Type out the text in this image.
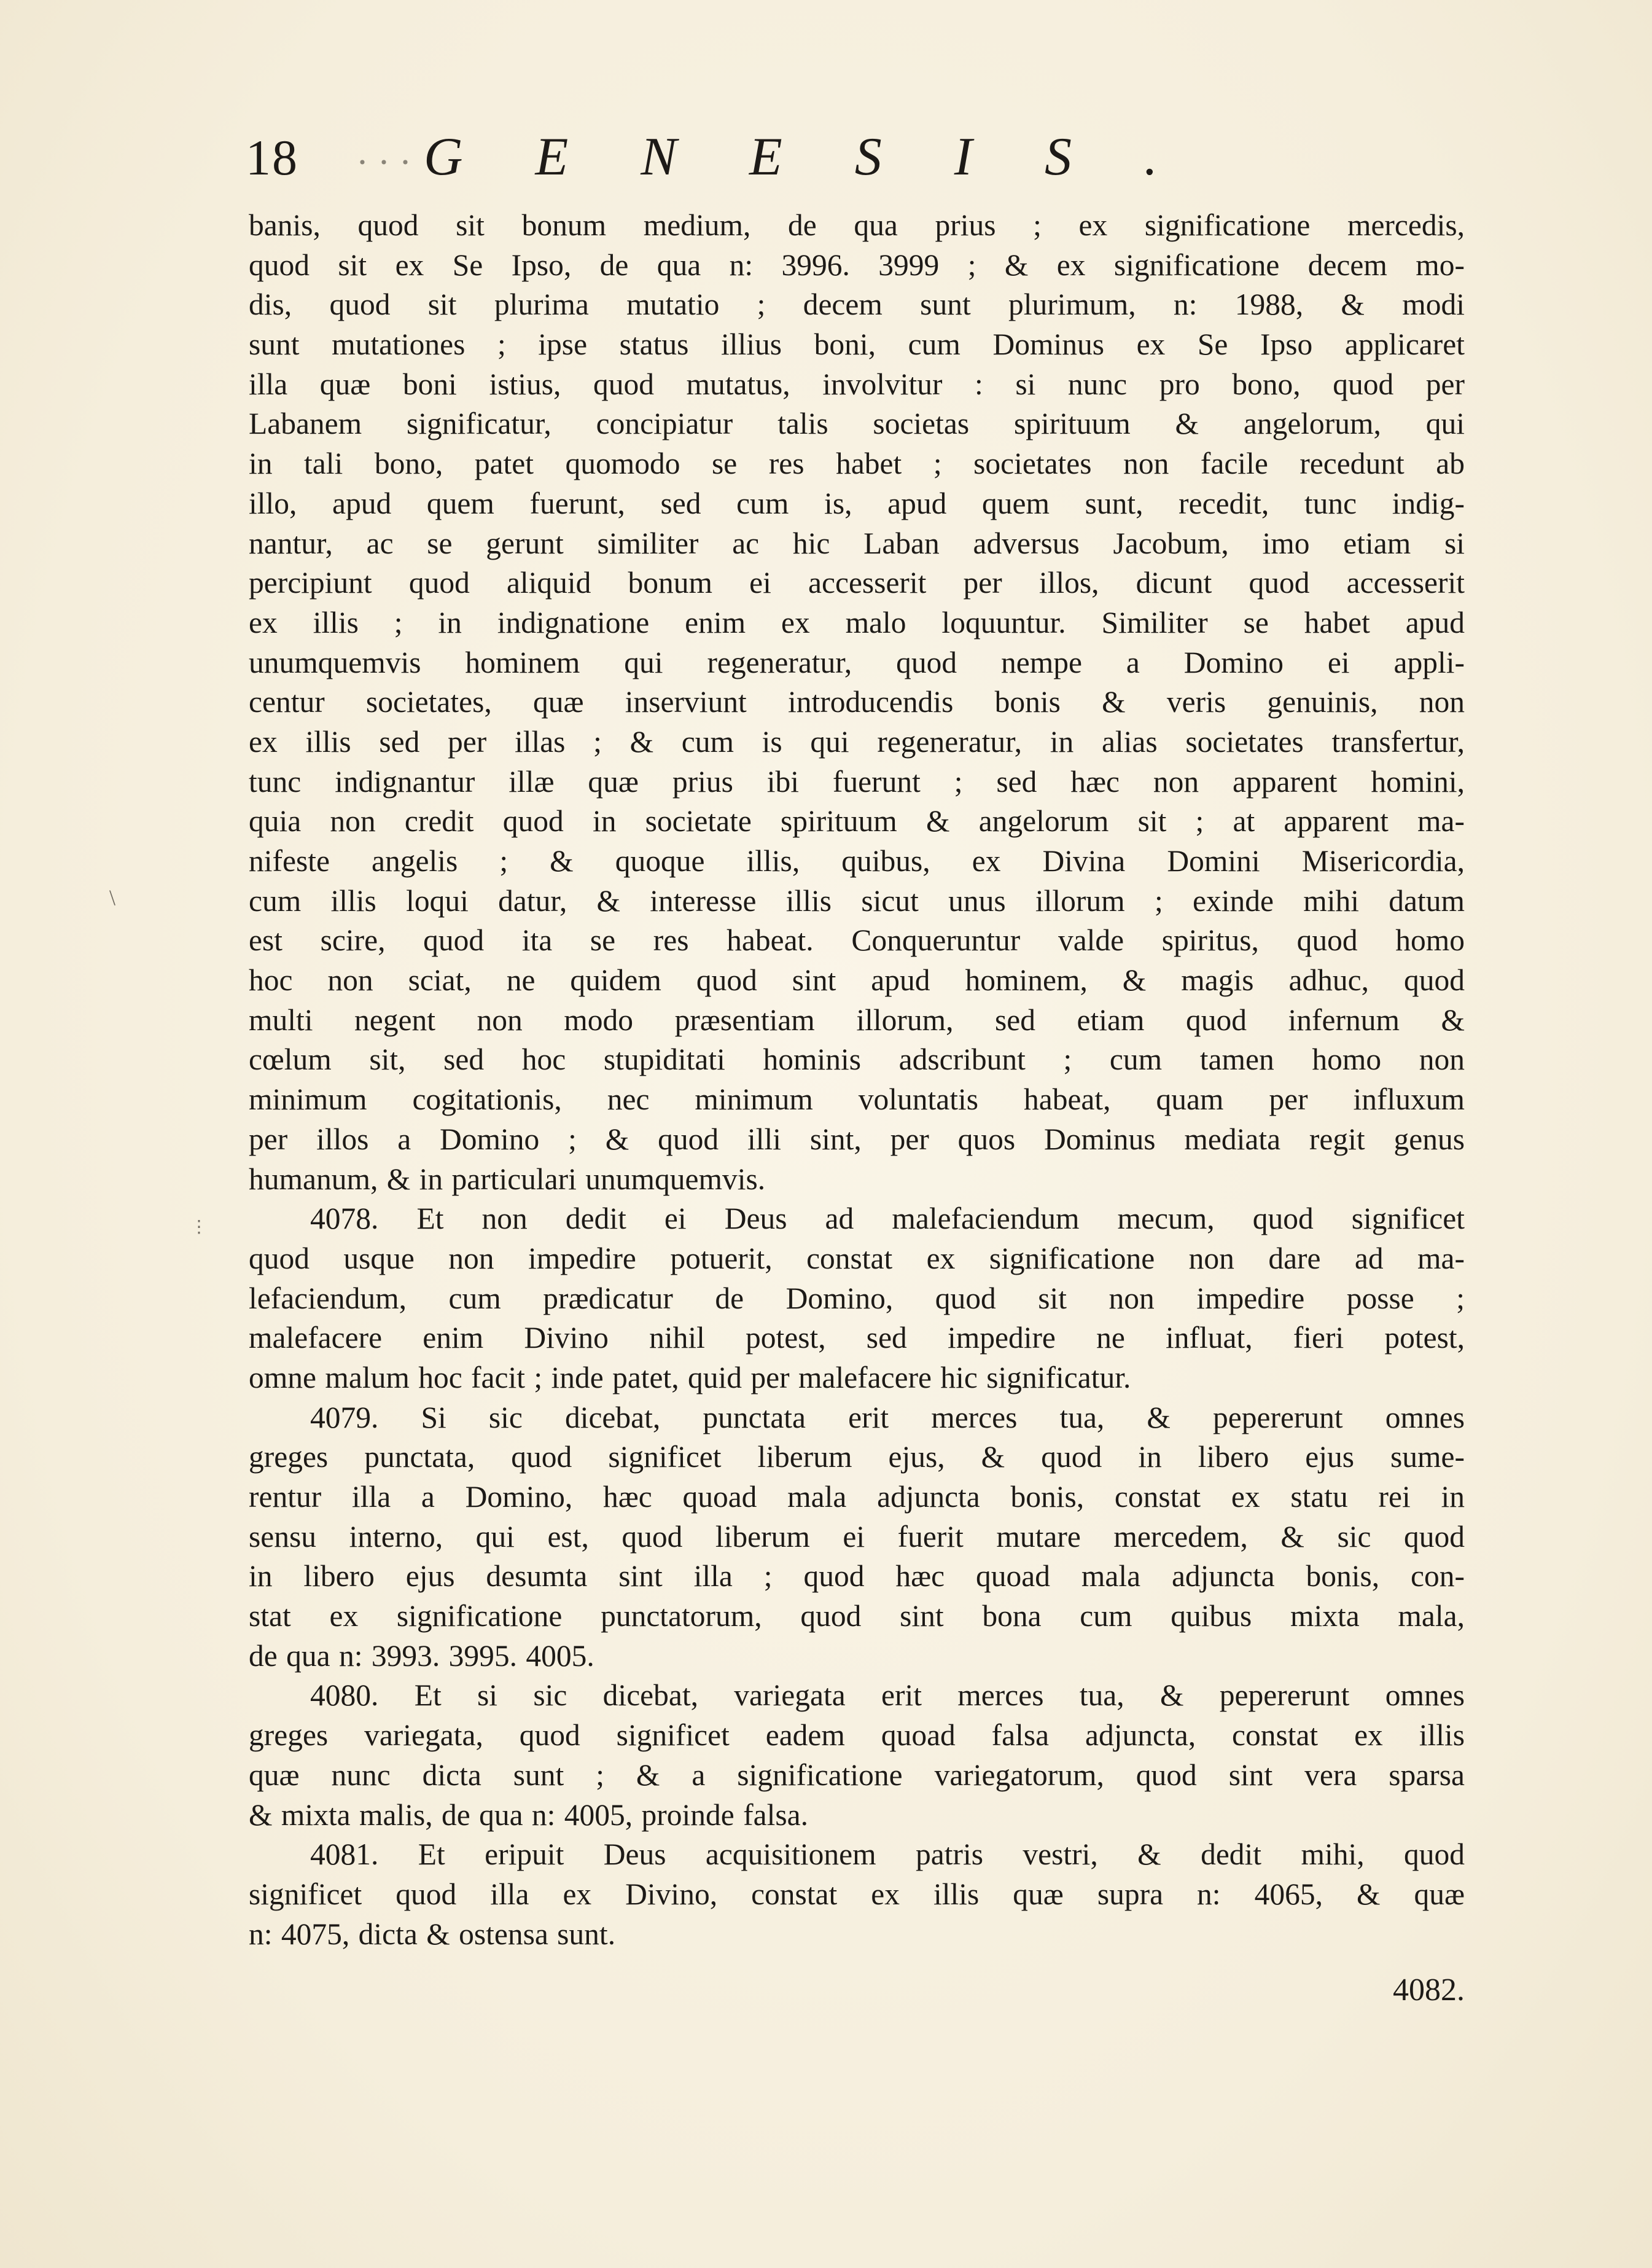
18	· · · GENESIS.
banis, quod sit bonum medium, de qua prius ; ex significatione mercedis,
quod sit ex Se Ipso, de qua n: 3996. 3999 ; & ex significatione decem mo-
dis, quod sit plurima mutatio ; decem sunt plurimum, n: 1988, & modi
sunt mutationes ; ipse status illius boni, cum Dominus ex Se Ipso applicaret
illa quæ boni istius, quod mutatus, involvitur : si nunc pro bono, quod per
Labanem significatur, concipiatur talis societas spirituum & angelorum, qui
in tali bono, patet quomodo se res habet ; societates non facile recedunt ab
illo, apud quem fuerunt, sed cum is, apud quem sunt, recedit, tunc indig-
nantur, ac se gerunt similiter ac hic Laban adversus Jacobum, imo etiam si
percipiunt quod aliquid bonum ei accesserit per illos, dicunt quod accesserit
ex illis ; in indignatione enim ex malo loquuntur. Similiter se habet apud
unumquemvis hominem qui regeneratur, quod nempe a Domino ei appli-
centur societates, quæ inserviunt introducendis bonis & veris genuinis, non
ex illis sed per illas ; & cum is qui regeneratur, in alias societates transfertur,
tunc indignantur illæ quæ prius ibi fuerunt ; sed hæc non apparent homini,
quia non credit quod in societate spirituum & angelorum sit ; at apparent ma-
nifeste angelis ; & quoque illis, quibus, ex Divina Domini Misericordia,
cum illis loqui datur, & interesse illis sicut unus illorum ; exinde mihi datum
est scire, quod ita se res habeat. Conqueruntur valde spiritus, quod homo
hoc non sciat, ne quidem quod sint apud hominem, & magis adhuc, quod
multi negent non modo præsentiam illorum, sed etiam quod infernum &
cœlum sit, sed hoc stupiditati hominis adscribunt ; cum tamen homo non
minimum cogitationis, nec minimum voluntatis habeat, quam per influxum
per illos a Domino ; & quod illi sint, per quos Dominus mediata regit genus
humanum, & in particulari unumquemvis.
4078. Et non dedit ei Deus ad malefaciendum mecum, quod significet
quod usque non impedire potuerit, constat ex significatione non dare ad ma-
lefaciendum, cum prædicatur de Domino, quod sit non impedire posse ;
malefacere enim Divino nihil potest, sed impedire ne influat, fieri potest,
omne malum hoc facit ; inde patet, quid per malefacere hic significatur.
4079. Si sic dicebat, punctata erit merces tua, & pepererunt omnes
greges punctata, quod significet liberum ejus, & quod in libero ejus sume-
rentur illa a Domino, hæc quoad mala adjuncta bonis, constat ex statu rei in
sensu interno, qui est, quod liberum ei fuerit mutare mercedem, & sic quod
in libero ejus desumta sint illa ; quod hæc quoad mala adjuncta bonis, con-
stat ex significatione punctatorum, quod sint bona cum quibus mixta mala,
de qua n: 3993. 3995. 4005.
4080. Et si sic dicebat, variegata erit merces tua, & pepererunt omnes
greges variegata, quod significet eadem quoad falsa adjuncta, constat ex illis
quæ nunc dicta sunt ; & a significatione variegatorum, quod sint vera sparsa
& mixta malis, de qua n: 4005, proinde falsa.
4081. Et eripuit Deus acquisitionem patris vestri, & dedit mihi, quod
significet quod illa ex Divino, constat ex illis quæ supra n: 4065, & quæ
n: 4075, dicta & ostensa sunt.
4082.
\
⋮
